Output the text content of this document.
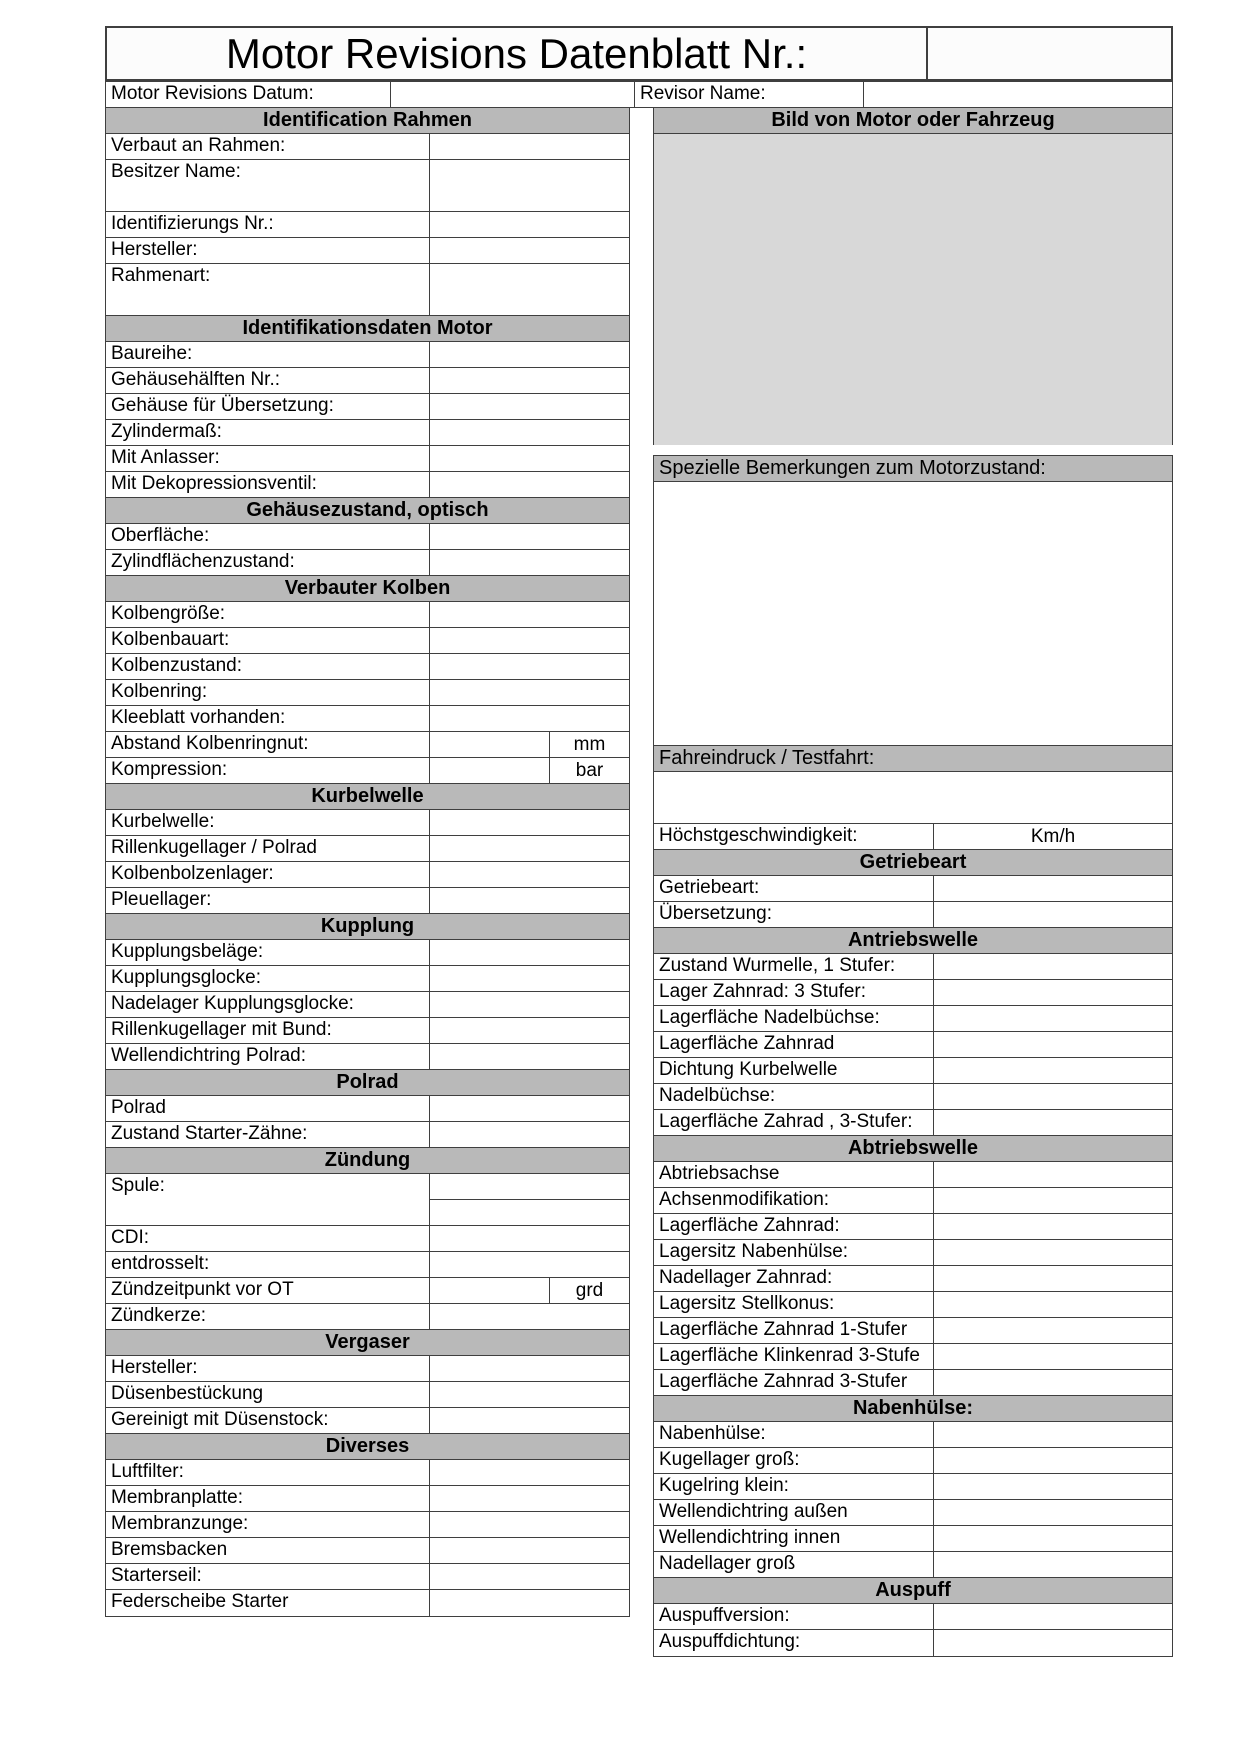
Motor Revisions Datenblatt Nr.:
Motor Revisions Datum:	Revisor Name:
Identification Rahmen
Verbaut an Rahmen:
Besitzer Name:
Identifizierungs Nr.:
Hersteller:
Rahmenart:
Identifikationsdaten Motor
Baureihe:
Gehäusehälften Nr.:
Gehäuse für Übersetzung:
Zylindermaß:
Mit Anlasser:
Mit Dekopressionsventil:
Gehäusezustand, optisch
Oberfläche:
Zylindflächenzustand:
Verbauter Kolben
Kolbengröße:
Kolbenbauart:
Kolbenzustand:
Kolbenring:
Kleeblatt vorhanden:
Abstand Kolbenringnut:	mm
Kompression:	bar
Kurbelwelle
Kurbelwelle:
Rillenkugellager / Polrad
Kolbenbolzenlager:
Pleuellager:
Kupplung
Kupplungsbeläge:
Kupplungsglocke:
Nadelager Kupplungsglocke:
Rillenkugellager mit Bund:
Wellendichtring Polrad:
Polrad
Polrad
Zustand Starter-Zähne:
Zündung
Spule:
CDI:
entdrosselt:
Zündzeitpunkt vor OT	grd
Zündkerze:
Vergaser
Hersteller:
Düsenbestückung
Gereinigt mit Düsenstock:
Diverses
Luftfilter:
Membranplatte:
Membranzunge:
Bremsbacken
Starterseil:
Federscheibe Starter
Bild von Motor oder Fahrzeug
Spezielle Bemerkungen zum Motorzustand:
Fahreindruck / Testfahrt:
Höchstgeschwindigkeit:	Km/h
Getriebeart
Getriebeart:
Übersetzung:
Antriebswelle
Zustand Wurmelle, 1 Stufer:
Lager Zahnrad: 3 Stufer:
Lagerfläche Nadelbüchse:
Lagerfläche Zahnrad
Dichtung Kurbelwelle
Nadelbüchse:
Lagerfläche Zahrad , 3-Stufer:
Abtriebswelle
Abtriebsachse
Achsenmodifikation:
Lagerfläche Zahnrad:
Lagersitz Nabenhülse:
Nadellager Zahnrad:
Lagersitz Stellkonus:
Lagerfläche Zahnrad 1-Stufer
Lagerfläche Klinkenrad 3-Stufe
Lagerfläche Zahnrad 3-Stufer
Nabenhülse:
Nabenhülse:
Kugellager groß:
Kugelring klein:
Wellendichtring außen
Wellendichtring innen
Nadellager groß
Auspuff
Auspuffversion:
Auspuffdichtung:
